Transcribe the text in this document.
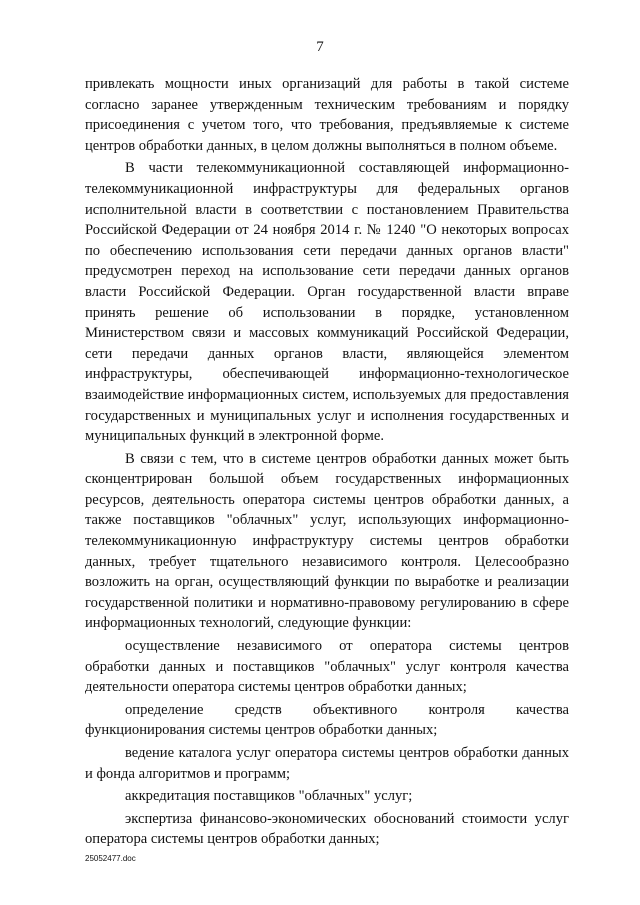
7

привлекать мощности иных организаций для работы в такой системе согласно заранее утвержденным техническим требованиям и порядку присоединения с учетом того, что требования, предъявляемые к системе центров обработки данных, в целом должны выполняться в полном объеме.

В части телекоммуникационной составляющей информационно-телекоммуникационной инфраструктуры для федеральных органов исполнительной власти в соответствии с постановлением Правительства Российской Федерации от 24 ноября 2014 г. № 1240 "О некоторых вопросах по обеспечению использования сети передачи данных органов власти" предусмотрен переход на использование сети передачи данных органов власти Российской Федерации. Орган государственной власти вправе принять решение об использовании в порядке, установленном Министерством связи и массовых коммуникаций Российской Федерации, сети передачи данных органов власти, являющейся элементом инфраструктуры, обеспечивающей информационно-технологическое взаимодействие информационных систем, используемых для предоставления государственных и муниципальных услуг и исполнения государственных и муниципальных функций в электронной форме.

В связи с тем, что в системе центров обработки данных может быть сконцентрирован большой объем государственных информационных ресурсов, деятельность оператора системы центров обработки данных, а также поставщиков "облачных" услуг, использующих информационно-телекоммуникационную инфраструктуру системы центров обработки данных, требует тщательного независимого контроля. Целесообразно возложить на орган, осуществляющий функции по выработке и реализации государственной политики и нормативно-правовому регулированию в сфере информационных технологий, следующие функции:

осуществление независимого от оператора системы центров обработки данных и поставщиков "облачных" услуг контроля качества деятельности оператора системы центров обработки данных;

определение средств объективного контроля качества функционирования системы центров обработки данных;

ведение каталога услуг оператора системы центров обработки данных и фонда алгоритмов и программ;

аккредитация поставщиков "облачных" услуг;

экспертиза финансово-экономических обоснований стоимости услуг оператора системы центров обработки данных;

25052477.doc
